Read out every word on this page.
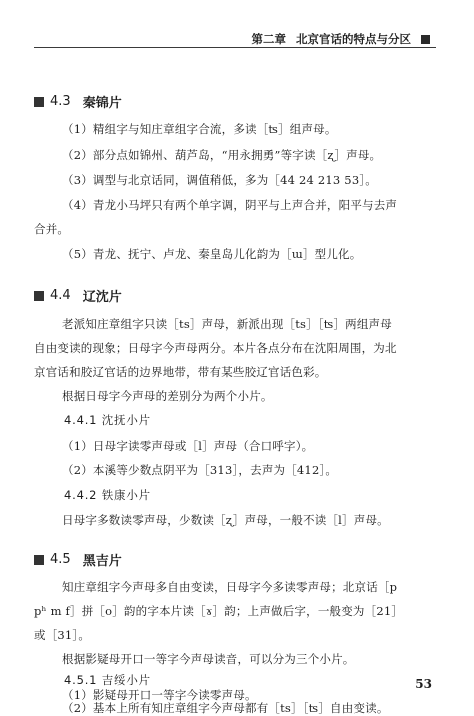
第二章 北京官话的特点与分区
4.3 秦锦片
（1）精组字与知庄章组字合流，多读［ʦ］组声母。
（2）部分点如锦州、葫芦岛，“用永拥勇”等字读［ʐ］声母。
（3）调型与北京话同，调值稍低，多为［44 24 213 53］。
（4）青龙小马坪只有两个单字调，阴平与上声合并，阳平与去声
合并。
（5）青龙、抚宁、卢龙、秦皇岛儿化韵为［ɯ］型儿化。
4.4 辽沈片
老派知庄章组字只读［ts］声母，新派出现［ts］［ʦ］两组声母
自由变读的现象；日母字今声母两分。本片各点分布在沈阳周围，为北
京官话和胶辽官话的边界地带，带有某些胶辽官话色彩。
根据日母字今声母的差别分为两个小片。
4.4.1 沈抚小片
（1）日母字读零声母或［l］声母（合口呼字）。
（2）本溪等少数点阴平为［313］，去声为［412］。
4.4.2 铁康小片
日母字多数读零声母，少数读［ʐ］声母，一般不读［l］声母。
4.5 黑吉片
知庄章组字今声母多自由变读，日母字今多读零声母；北京话［p
pʰ m f］拼［o］韵的字本片读［ɤ］韵；上声做后字，一般变为［21］
或［31］。
根据影疑母开口一等字今声母读音，可以分为三个小片。
4.5.1 吉绥小片
（1）影疑母开口一等字今读零声母。
（2）基本上所有知庄章组字今声母都有［ts］［ʦ］自由变读。
53
